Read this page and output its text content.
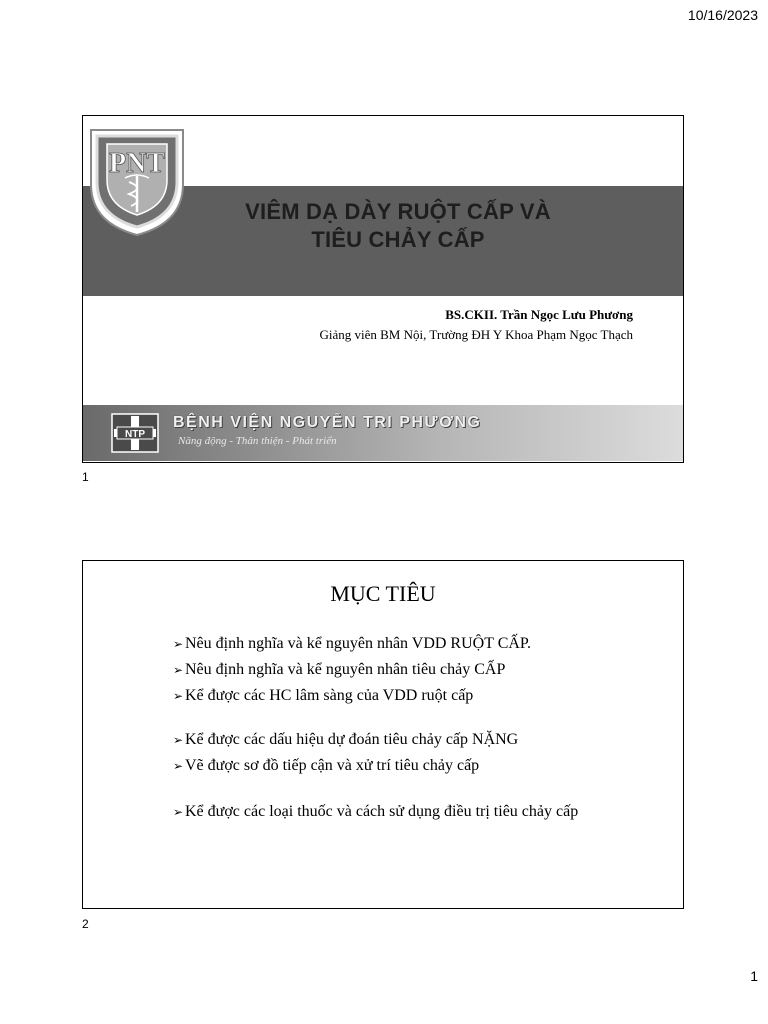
10/16/2023
PNT
VIÊM DẠ DÀY RUỘT CẤP VÀ
TIÊU CHẢY CẤP
BS.CKII. Trần Ngọc Lưu Phương
Giảng viên BM Nội, Trường ĐH Y Khoa Phạm Ngọc Thạch
NTP
BỆNH VIỆN NGUYỄN TRI PHƯƠNG
Năng động - Thân thiện - Phát triển
1
MỤC TIÊU
➢ Nêu định nghĩa và kể nguyên nhân VDD RUỘT CẤP.
➢ Nêu định nghĩa và kể nguyên nhân tiêu chảy CẤP
➢ Kể được các HC lâm sàng của VDD ruột cấp
➢ Kể được các dấu hiệu dự đoán tiêu chảy cấp NẶNG
➢ Vẽ được sơ đồ tiếp cận và xử trí tiêu chảy cấp
➢ Kể được các loại thuốc và cách sử dụng điều trị tiêu chảy cấp
2
1
